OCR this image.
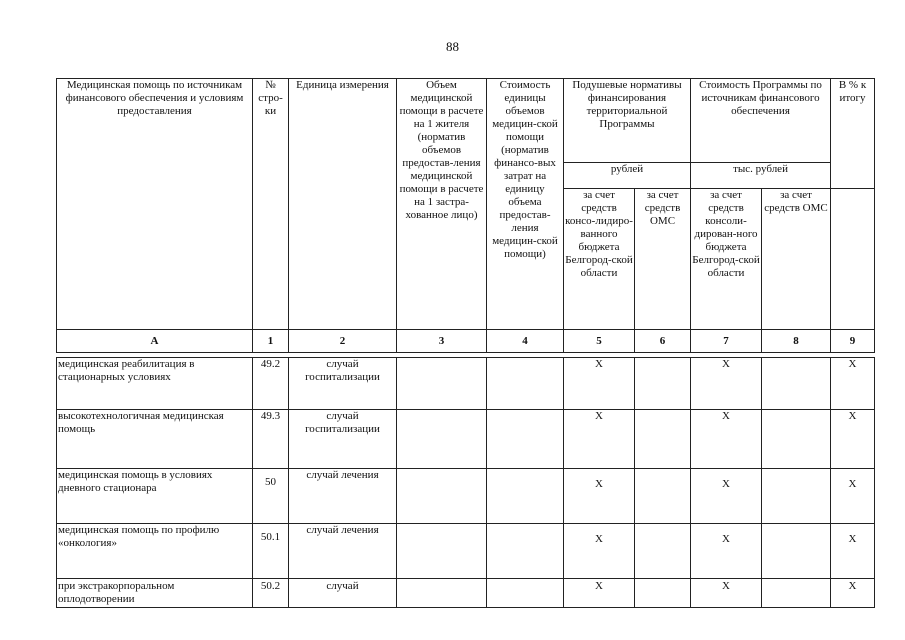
88
Медицинская помощь по источникам финансового обеспечения и условиям предоставления	№ стро-ки	Единица измерения	Объем медицинской помощи в расчете на 1 жителя (норматив объемов предостав-ления медицинской помощи в расчете на 1 застра-хованное лицо)	Стоимость единицы объемов медицин-ской помощи (норматив финансо-вых затрат на единицу объема предостав-ления медицин-ской помощи)	Подушевые нормативы финансирования территориальной Программы		Стоимость Программы по источникам финансового обеспечения		В % к итогу
					рублей		тыс. рублей		
					за счет средств консо-лидиро-ванного бюджета Белгород-ской области	за счет средств ОМС	за счет средств консоли-дирован-ного бюджета Белгород-ской области	за счет средств ОМС	
А	1	2	3	4	5	6	7	8	9

медицинская реабилитация в стационарных условиях	49.2	случай госпитализации			X		X		X
высокотехнологичная медицинская помощь	49.3	случай госпитализации			X		X		X
медицинская помощь в условиях дневного стационара	50	случай лечения			X		X		X
медицинская помощь по профилю «онкология»	50.1	случай лечения			X		X		X
при экстракорпоральном оплодотворении	50.2	случай			X		X		X
